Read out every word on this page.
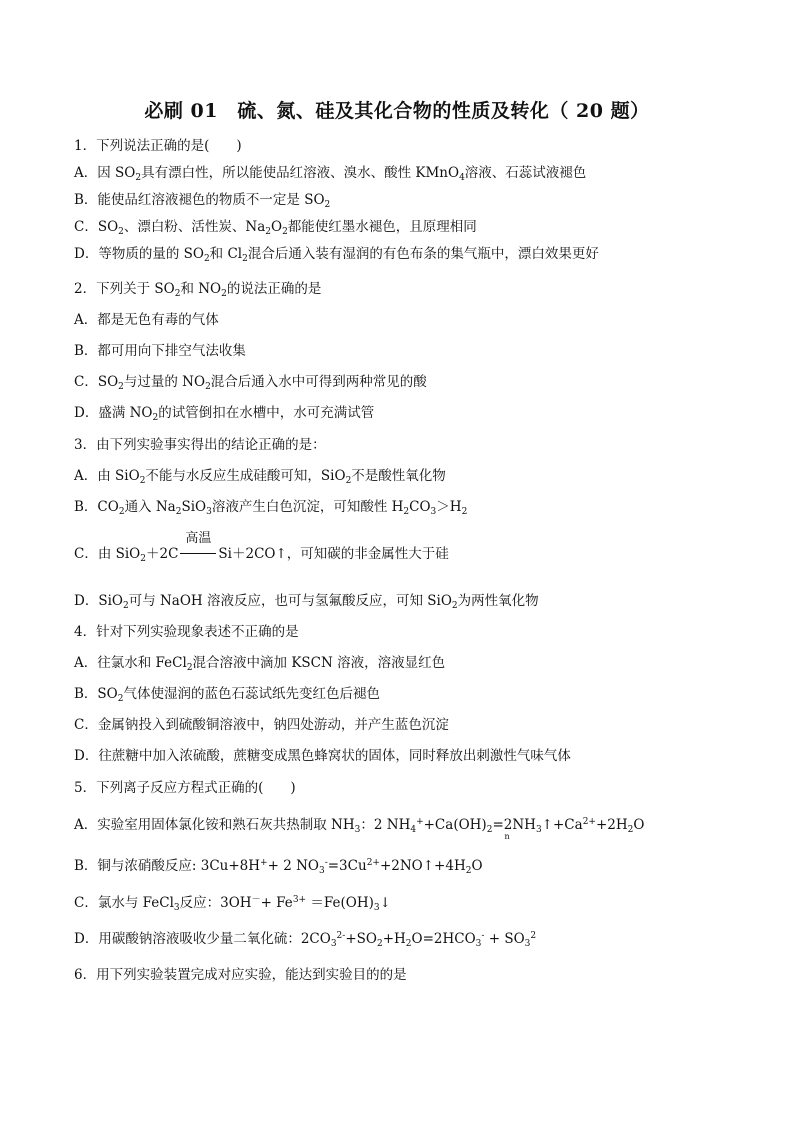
必刷 01　硫、氮、硅及其化合物的性质及转化（ 20 题）
1．下列说法正确的是(　　)
A．因 $SO_2$具有漂白性，所以能使品红溶液、溴水、酸性 KMnO$_4$溶液、石蕊试液褪色
B．能使品红溶液褪色的物质不一定是 $SO_2$
C．$SO_2$、漂白粉、活性炭、$Na_2O_2$都能使红墨水褪色，且原理相同
D．等物质的量的 $SO_2$和 $Cl_2$混合后通入装有湿润的有色布条的集气瓶中，漂白效果更好
2．下列关于 $SO_2$和 $NO_2$的说法正确的是
A．都是无色有毒的气体
B．都可用向下排空气法收集
C．$SO_2$与过量的 $NO_2$混合后通入水中可得到两种常见的酸
D．盛满 $NO_2$的试管倒扣在水槽中，水可充满试管
3．由下列实验事实得出的结论正确的是：
A．由 SiO$_2$不能与水反应生成硅酸可知，SiO$_2$不是酸性氧化物
B．$CO_2$通入 $Na_2SiO_3$溶液产生白色沉淀，可知酸性 $H_2CO_3>H_2$
C．由 SiO$_2$＋2C
高温
Si＋2CO↑，可知碳的非金属性大于硅
D．SiO$_2$可与 NaOH 溶液反应，也可与氢氟酸反应，可知 SiO$_2$为两性氧化物
4．针对下列实验现象表述不正确的是
A．往氯水和 FeCl$_2$混合溶液中滴加 KSCN 溶液，溶液显红色
B．$SO_2$气体使湿润的蓝色石蕊试纸先变红色后褪色
C．金属钠投入到硫酸铜溶液中，钠四处游动，并产生蓝色沉淀
D．往蔗糖中加入浓硫酸，蔗糖变成黑色蜂窝状的固体，同时释放出刺激性气味气体
5．下列离子反应方程式正确的(　　)
A．实验室用固体氯化铵和熟石灰共热制取 $NH_3$：2 $NH_4^++Ca(OH)_2=$
n
$2NH_3↑+Ca^{2+}+2H_2O$
B．铜与浓硝酸反应: 3Cu+8H++ 2 $NO_3^-=3Cu^{2+}+2NO↑+4H_2O$
C．氯水与 FeCl$_3$反应：$3OH^-+ Fe^{3+}$ $=Fe(OH)_3↓$
D．用碳酸钠溶液吸收少量二氧化硫：$2CO_3^{2-}+SO_2+H_2O=2HCO_3^- + SO_3^2$
6．用下列实验装置完成对应实验，能达到实验目的的是
